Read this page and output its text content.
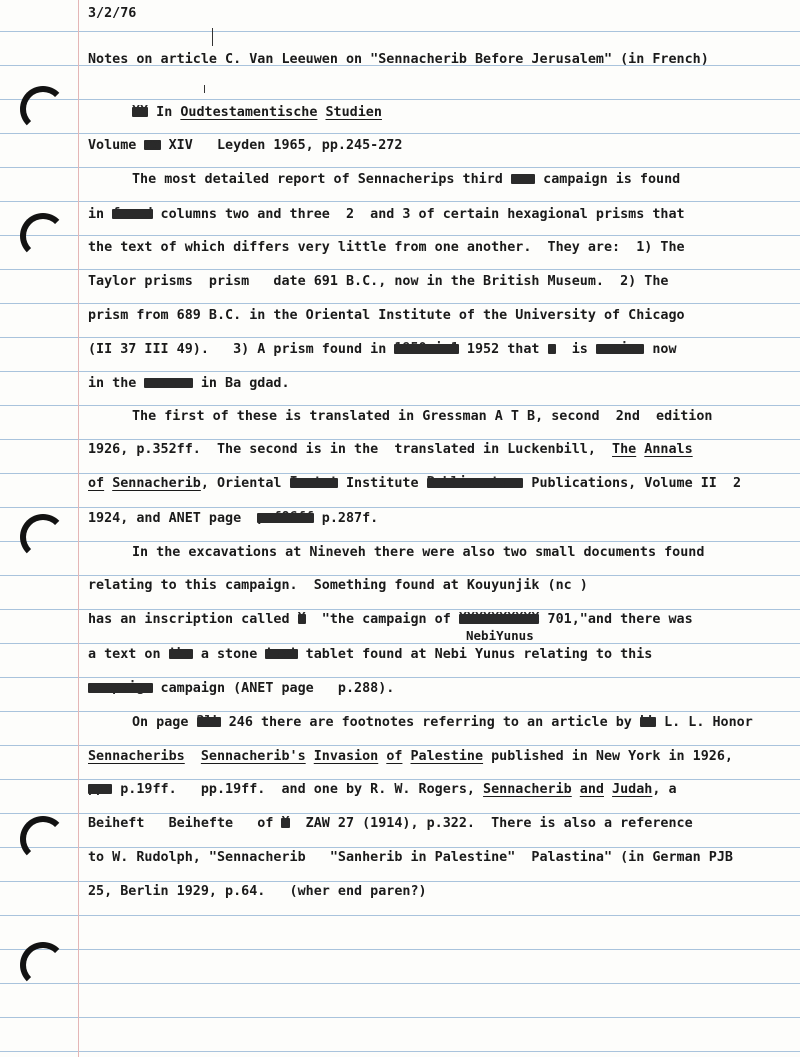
3/2/76
Notes on article C. Van Leeuwen on "Sennacherib Before Jerusalem" (in French)
XX In Oudtestamentische Studien
Volume xx XIV   Leyden 1965, pp.245-272
The most detailed report of Sennacherips third xxx campaign is found
in found columns two and three  2  and 3 of certain hexagional prisms that
the text of which differs very little from one another.  They are:  1) The
Taylor prisms  prism   date 691 B.C., now in the British Museum.  2) The
prism from 689 B.C. in the Oriental Institute of the University of Chicago
(II 37 III 49).   3) A prism found in 1950xin1 1952 that x  is nowixe now
in the museum in Ba gdad.
The first of these is translated in Gressman A T B, second  2nd  edition
1926, p.352ff.  The second is in the  translated in Luckenbill,  The Annals
of Sennacherib, Oriental Instut Institute Publicaotons Publications, Volume II  2
1924, and ANET page  pxf86ff p.287f.
In the excavations at Nineveh there were also two small documents found
relating to this campaign.  Something found at Kouyunjik (nc )
has an inscription called X  "the campaign of XXXXXXXXXX 701,"and there was
a text on the a stone taxt tablet found at Nebi Yunus relating to this
campaign campaign (ANET page   p.288).
On page 2lk 246 there are footnotes referring to an article by kk L. L. Honor
Sennacheribs Sennacherib's Invasion of Palestine published in New York in 1926,
ppx p.19ff.   pp.19ff.  and one by R. W. Rogers, Sennacherib and Judah, a
Beiheft   Beihefte   of X  ZAW 27 (1914), p.322.  There is also a reference
to W. Rudolph, "Sennacherib   "Sanherib in Palestine"  Palastina" (in German PJB
25, Berlin 1929, p.64.   (wher end paren?)
NebiYunus
